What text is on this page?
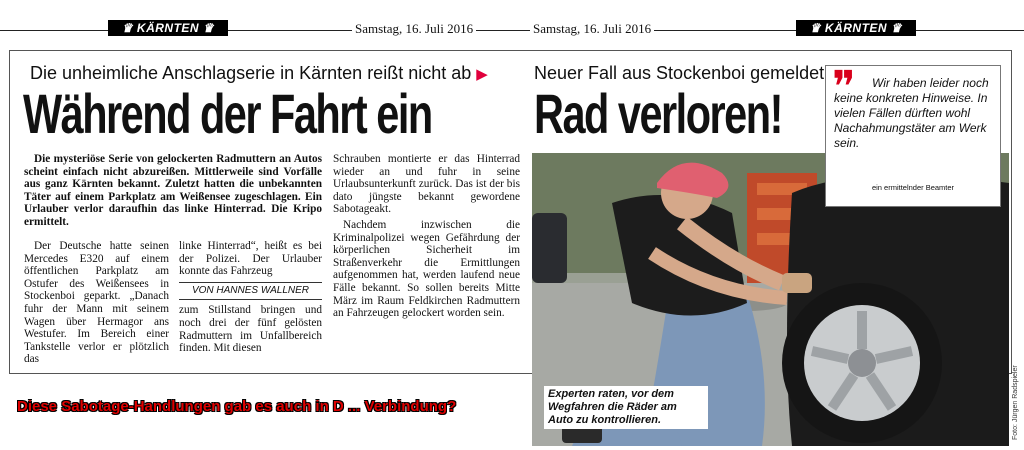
♛ KÄRNTEN ♛	Samstag, 16. Juli 2016	Samstag, 16. Juli 2016	♛ KÄRNTEN ♛
Die unheimliche Anschlagserie in Kärnten reißt nicht ab ▶	Neuer Fall aus Stockenboi gemeldet
Während der Fahrt ein Rad verloren!

Die mysteriöse Serie von gelockerten Radmuttern an Autos scheint einfach nicht abzureißen. Mittlerweile sind Vorfälle aus ganz Kärnten bekannt. Zuletzt hatten die unbekannten Täter auf einem Parkplatz am Weißensee zugeschlagen. Ein Urlauber verlor daraufhin das linke Hinterrad. Die Kripo ermittelt.

Der Deutsche hatte seinen Mercedes E320 auf einem öffentlichen Parkplatz am Ostufer des Weißensees in Stockenboi geparkt. „Danach fuhr der Mann mit seinem Wagen über Hermagor ans Westufer. Im Bereich einer Tankstelle verlor er plötzlich das

linke Hinterrad“, heißt es bei der Polizei. Der Urlauber konnte das Fahrzeug

VON HANNES WALLNER

zum Stillstand bringen und noch drei der fünf gelösten Radmuttern im Unfallbereich finden. Mit diesen

Schrauben montierte er das Hinterrad wieder an und fuhr in seine Urlaubsunterkunft zurück. Das ist der bis dato jüngste bekannt gewordene Sabotageakt.

Nachdem inzwischen die Kriminalpolizei wegen Gefährdung der körperlichen Sicherheit im Straßenverkehr die Ermittlungen aufgenommen hat, werden laufend neue Fälle bekannt. So sollen bereits Mitte März im Raum Feldkirchen Radmuttern an Fahrzeugen gelockert worden sein.

❞	Wir haben leider noch keine konkreten Hinweise. In vielen Fällen dürften wohl Nachahmungstäter am Werk sein.
ein ermittelnder Beamter
Experten raten, vor dem Wegfahren die Räder am Auto zu kontrollieren.	Foto: Jürgen Radspieler
Diese Sabotage-Handlungen gab es auch in D ... Verbindung?
